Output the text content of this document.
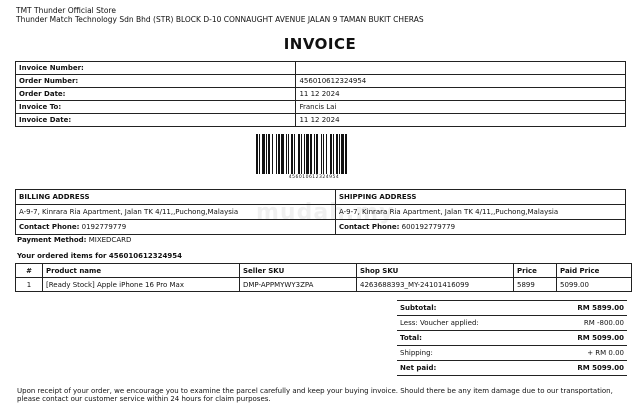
TMT Thunder Official Store
Thunder Match Technology Sdn Bhd (STR) BLOCK D-10 CONNAUGHT AVENUE JALAN 9 TAMAN BUKIT CHERAS
INVOICE
Invoice Number:	
Order Number:	456010612324954
Order Date:	11 12 2024
Invoice To:	Francis Lai
Invoice Date:	11 12 2024
456010612324954
mudah.my
BILLING ADDRESS	SHIPPING ADDRESS
A-9-7, Kinrara Ria Apartment, Jalan TK 4/11,,Puchong,Malaysia	A-9-7, Kinrara Ria Apartment, Jalan TK 4/11,,Puchong,Malaysia
Contact Phone: 0192779779	Contact Phone: 600192779779
Payment Method: MIXEDCARD
Your ordered items for 456010612324954
#	Product name	Seller SKU	Shop SKU	Price	Paid Price
1	[Ready Stock] Apple iPhone 16 Pro Max	DMP-APPMYWY3ZPA	4263688393_MY-24101416099	5899	5099.00
Subtotal:	RM 5899.00
Less: Voucher applied:	RM -800.00
Total:	RM 5099.00
Shipping:	+ RM 0.00
Net paid:	RM 5099.00
Upon receipt of your order, we encourage you to examine the parcel carefully and keep your buying invoice. Should there be any item damage due to our transportation, please contact our customer service within 24 hours for claim purposes.
